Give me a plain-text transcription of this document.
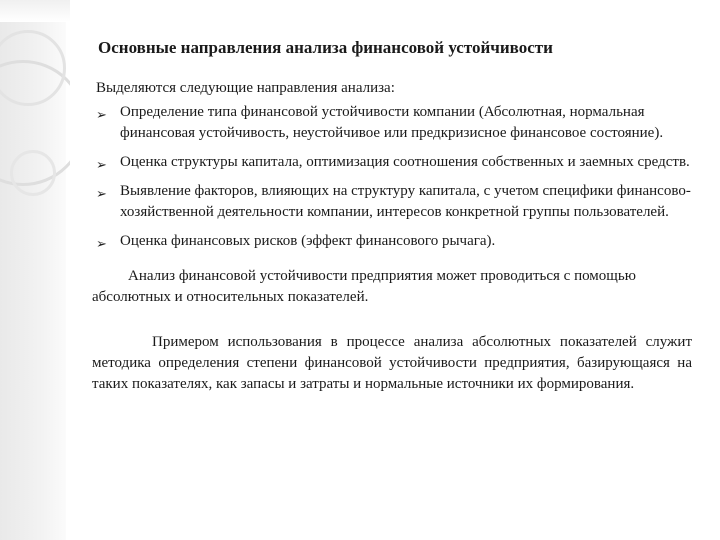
Основные направления анализа финансовой устойчивости

Выделяются следующие направления анализа:

➢ Определение типа финансовой устойчивости компании (Абсолютная, нормальная финансовая устойчивость, неустойчивое или предкризисное финансовое состояние).
➢ Оценка структуры капитала, оптимизация соотношения собственных и заемных средств.
➢ Выявление факторов, влияющих на структуру капитала, с учетом специфики финансово-хозяйственной деятельности компании, интересов конкретной группы пользователей.
➢ Оценка финансовых рисков (эффект финансового рычага).

Анализ финансовой устойчивости предприятия может проводиться с помощью абсолютных и относительных показателей.

Примером использования в процессе анализа абсолютных показателей служит методика определения степени финансовой устойчивости предприятия, базирующаяся на таких показателях, как запасы и затраты и нормальные источники их формирования.
